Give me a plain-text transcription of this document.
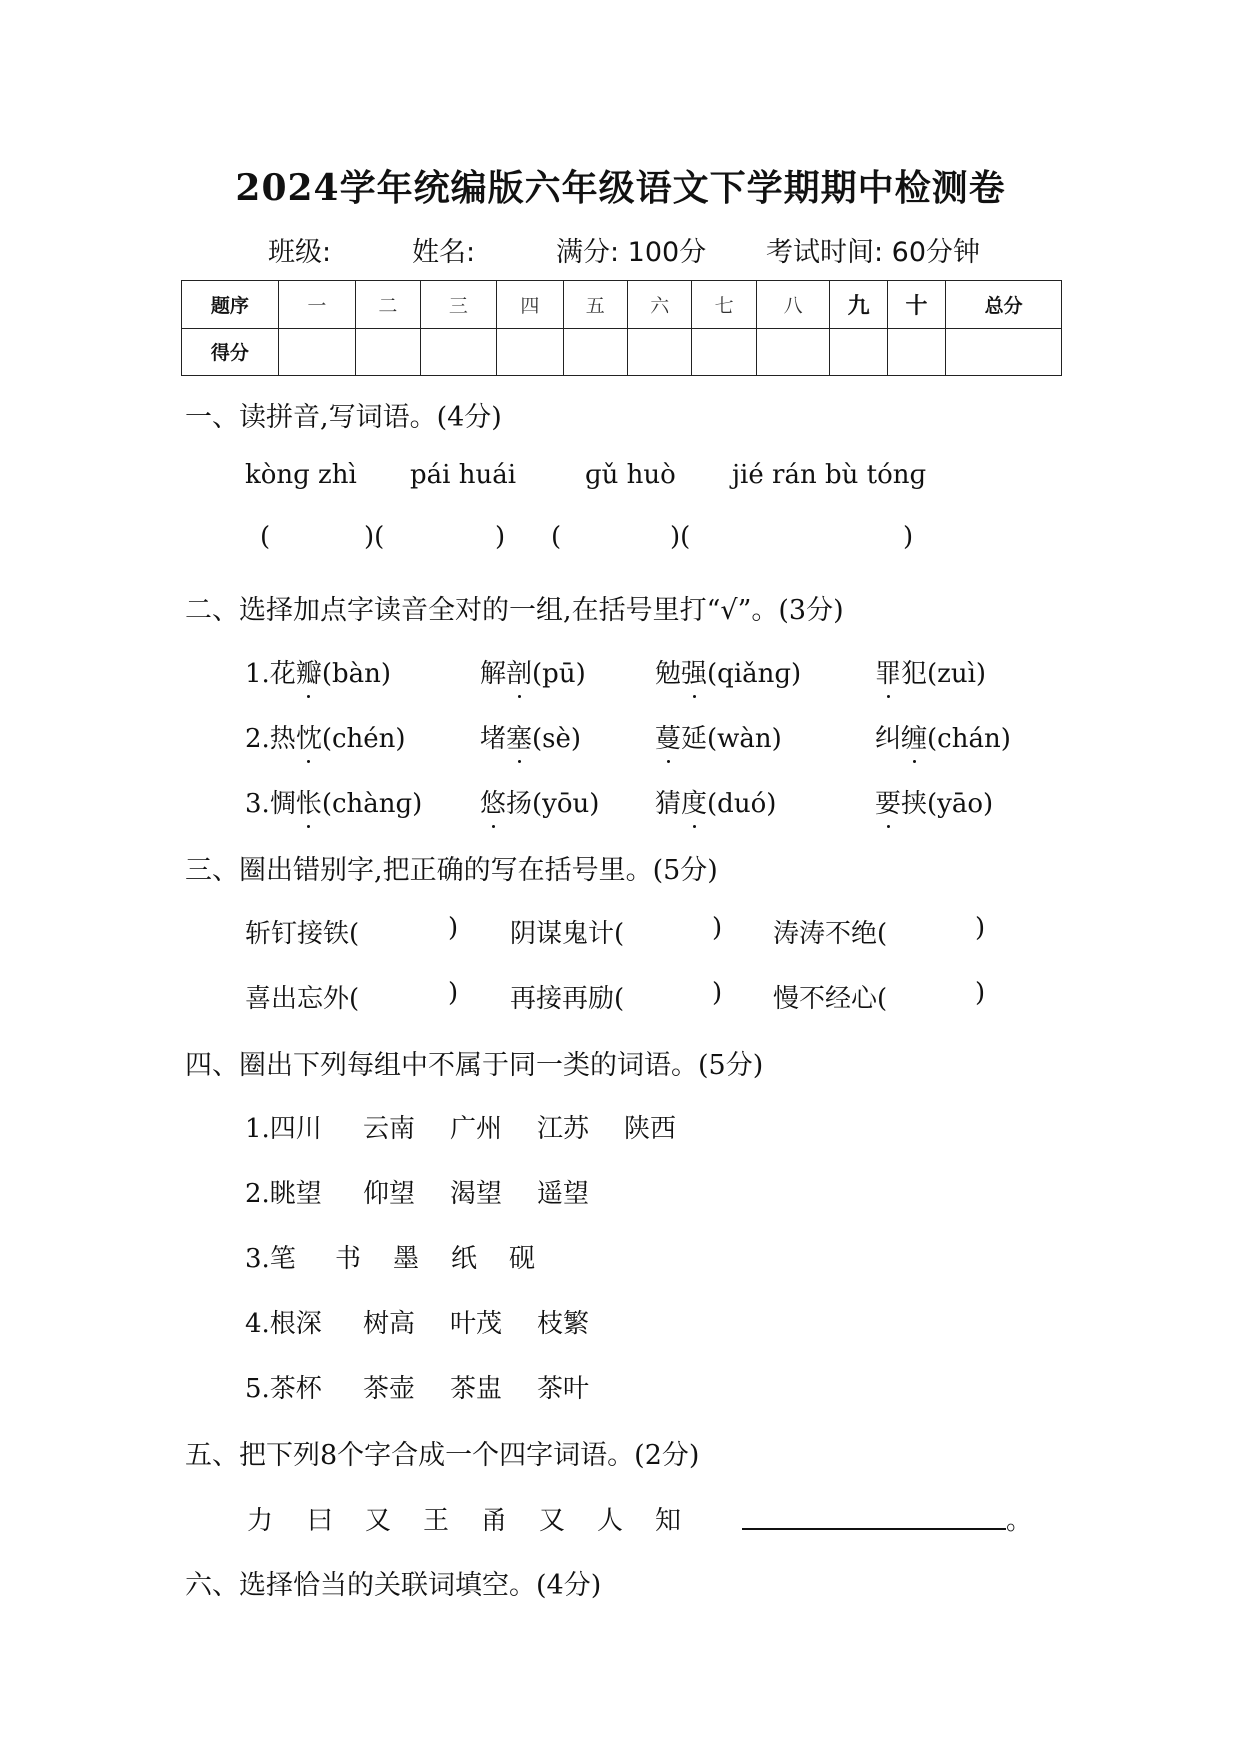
2024学年统编版六年级语文下学期期中检测卷
班级:	姓名:	满分: 100分 考试时间: 60分钟
题序	一	二	三	四	五	六	七	八	九	十	总分
得分											
一、读拼音,写词语。(4分)
kònɡ zhì pái huái	ɡǔ huò jié rán bù tónɡ
(	)(	) (	)(	)
二、选择加点字读音全对的一组,在括号里打“√”。(3分)
1.花瓣(bàn)	解剖(pū)	勉强(qiǎnɡ)	罪犯(zuì)
2.热忱(chén)	堵塞(sè)	蔓延(wàn)	纠缠(chán)
3.惆怅(chànɡ) 悠扬(yōu) 猜度(duó)	要挟(yāo)
三、圈出错别字,把正确的写在括号里。(5分)
斩钉接铁(	) 阴谋鬼计(	) 涛涛不绝(	)
喜出忘外(	) 再接再励(	) 慢不经心(	)
四、圈出下列每组中不属于同一类的词语。(5分)
1.四川 云南 广州 江苏 陕西
2.眺望 仰望 渴望 遥望
3.笔 书 墨 纸 砚
4.根深 树高 叶茂 枝繁
5.茶杯 茶壶 茶盅 茶叶
五、把下列8个字合成一个四字词语。(2分)
力 曰 又 王 甬 又 人 知	。
六、选择恰当的关联词填空。(4分)
